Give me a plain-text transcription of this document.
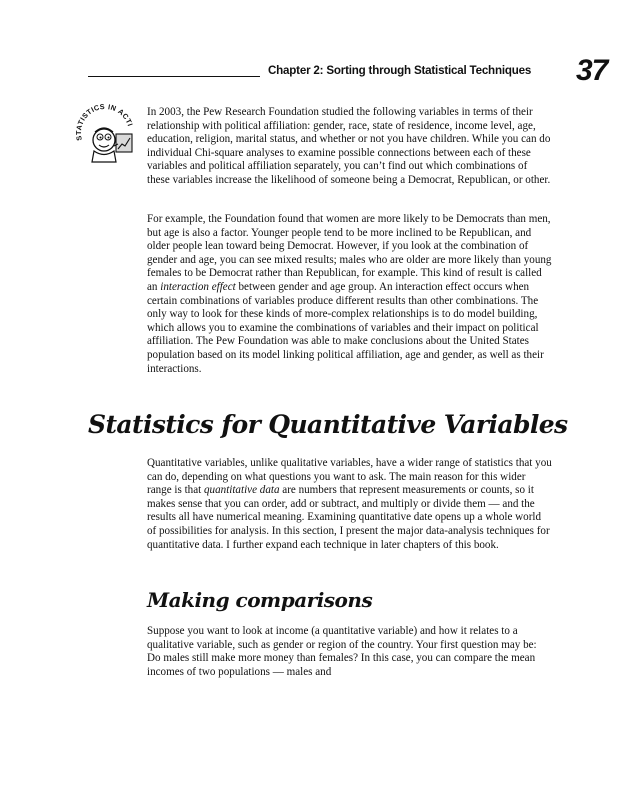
Chapter 2: Sorting through Statistical Techniques 37
STATISTICS IN ACTI

In 2003, the Pew Research Foundation studied the following variables in terms of their relationship with political affiliation: gender, race, state of residence, income level, age, education, religion, marital status, and whether or not you have children. While you can do individual Chi-square analyses to examine possible connections between each of these variables and political affiliation separately, you can’t find out which combinations of these variables increase the likelihood of someone being a Democrat, Republican, or other.

For example, the Foundation found that women are more likely to be Democrats than men, but age is also a factor. Younger people tend to be more inclined to be Republican, and older people lean toward being Democrat. However, if you look at the combination of gender and age, you can see mixed results; males who are older are more likely than young females to be Democrat rather than Republican, for example. This kind of result is called an interaction effect between gender and age group. An interaction effect occurs when certain combinations of variables produce different results than other combinations. The only way to look for these kinds of more-complex relationships is to do model building, which allows you to examine the combinations of variables and their impact on political affiliation. The Pew Foundation was able to make conclusions about the United States population based on its model linking political affiliation, age and gender, as well as their interactions.

Statistics for Quantitative Variables

Quantitative variables, unlike qualitative variables, have a wider range of statistics that you can do, depending on what questions you want to ask. The main reason for this wider range is that quantitative data are numbers that represent measurements or counts, so it makes sense that you can order, add or subtract, and multiply or divide them — and the results all have numerical meaning. Examining quantitative date opens up a whole world of possibilities for analysis. In this section, I present the major data-analysis techniques for quantitative data. I further expand each technique in later chapters of this book.

Making comparisons

Suppose you want to look at income (a quantitative variable) and how it relates to a qualitative variable, such as gender or region of the country. Your first question may be: Do males still make more money than females? In this case, you can compare the mean incomes of two populations — males and
